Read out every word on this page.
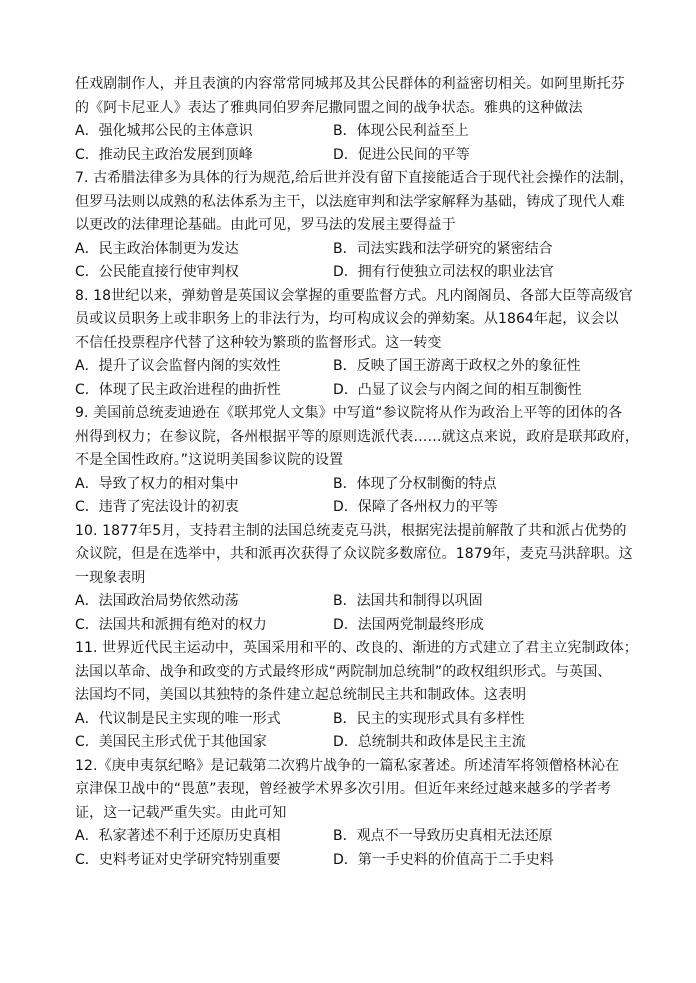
任戏剧制作人，并且表演的内容常常同城邦及其公民群体的利益密切相关。如阿里斯托芬
的《阿卡尼亚人》表达了雅典同伯罗奔尼撒同盟之间的战争状态。雅典的这种做法
A．强化城邦公民的主体意识	B．体现公民利益至上
C．推动民主政治发展到顶峰	D．促进公民间的平等
7. 古希腊法律多为具体的行为规范,给后世并没有留下直接能适合于现代社会操作的法制，
但罗马法则以成熟的私法体系为主干，以法庭审判和法学家解释为基础，铸成了现代人难
以更改的法律理论基础。由此可见，罗马法的发展主要得益于
A．民主政治体制更为发达	B．司法实践和法学研究的紧密结合
C．公民能直接行使审判权	D．拥有行使独立司法权的职业法官
8. 18世纪以来，弹劾曾是英国议会掌握的重要监督方式。凡内阁阁员、各部大臣等高级官
员或议员职务上或非职务上的非法行为，均可构成议会的弹劾案。从1864年起，议会以
不信任投票程序代替了这种较为繁琐的监督形式。这一转变
A．提升了议会监督内阁的实效性	B．反映了国王游离于政权之外的象征性
C．体现了民主政治进程的曲折性	D．凸显了议会与内阁之间的相互制衡性
9. 美国前总统麦迪逊在《联邦党人文集》中写道“参议院将从作为政治上平等的团体的各
州得到权力；在参议院，各州根据平等的原则选派代表……就这点来说，政府是联邦政府，
不是全国性政府。”这说明美国参议院的设置
A．导致了权力的相对集中	B．体现了分权制衡的特点
C．违背了宪法设计的初衷	D．保障了各州权力的平等
10. 1877年5月，支持君主制的法国总统麦克马洪，根据宪法提前解散了共和派占优势的
众议院，但是在选举中，共和派再次获得了众议院多数席位。1879年，麦克马洪辞职。这
一现象表明
A．法国政治局势依然动荡	B．法国共和制得以巩固
C．法国共和派拥有绝对的权力	D．法国两党制最终形成
11. 世界近代民主运动中，英国采用和平的、改良的、渐进的方式建立了君主立宪制政体；
法国以革命、战争和政变的方式最终形成“两院制加总统制”的政权组织形式。与英国、
法国均不同，美国以其独特的条件建立起总统制民主共和制政体。这表明
A．代议制是民主实现的唯一形式	B．民主的实现形式具有多样性
C．美国民主形式优于其他国家	D．总统制共和政体是民主主流
12.《庚申夷氛纪略》是记载第二次鸦片战争的一篇私家著述。所述清军将领僧格林沁在
京津保卫战中的“畏葸”表现，曾经被学术界多次引用。但近年来经过越来越多的学者考
证，这一记载严重失实。由此可知
A．私家著述不利于还原历史真相	B．观点不一导致历史真相无法还原
C．史料考证对史学研究特别重要	D．第一手史料的价值高于二手史料
